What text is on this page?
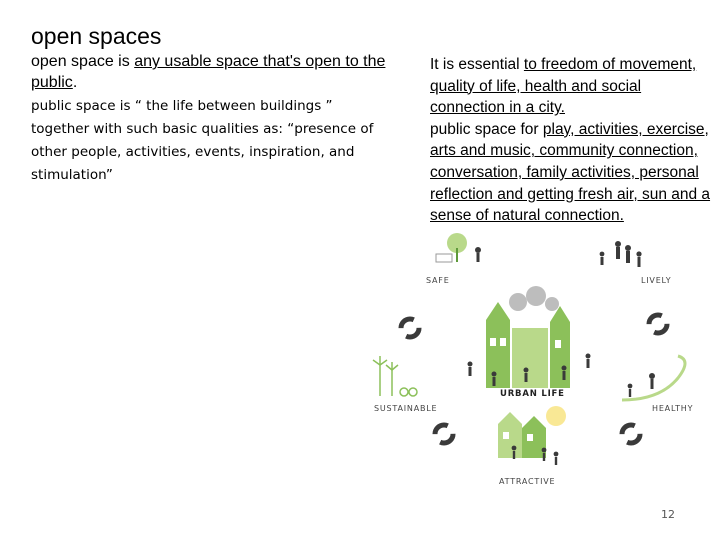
open spaces
open space is any usable space that's open to the public.
public space is “ the life between buildings ” together with such basic qualities as: “presence of other people, activities, events, inspiration, and stimulation”
It is essential to freedom of movement, quality of life, health and social connection in a city.
public space for play, activities, exercise, arts and music, community connection, conversation, family activities, personal reflection and getting fresh air, sun and a sense of natural connection.
SAFE	LIVELY
SUSTAINABLE
URBAN LIFE
HEALTHY
ATTRACTIVE
12
